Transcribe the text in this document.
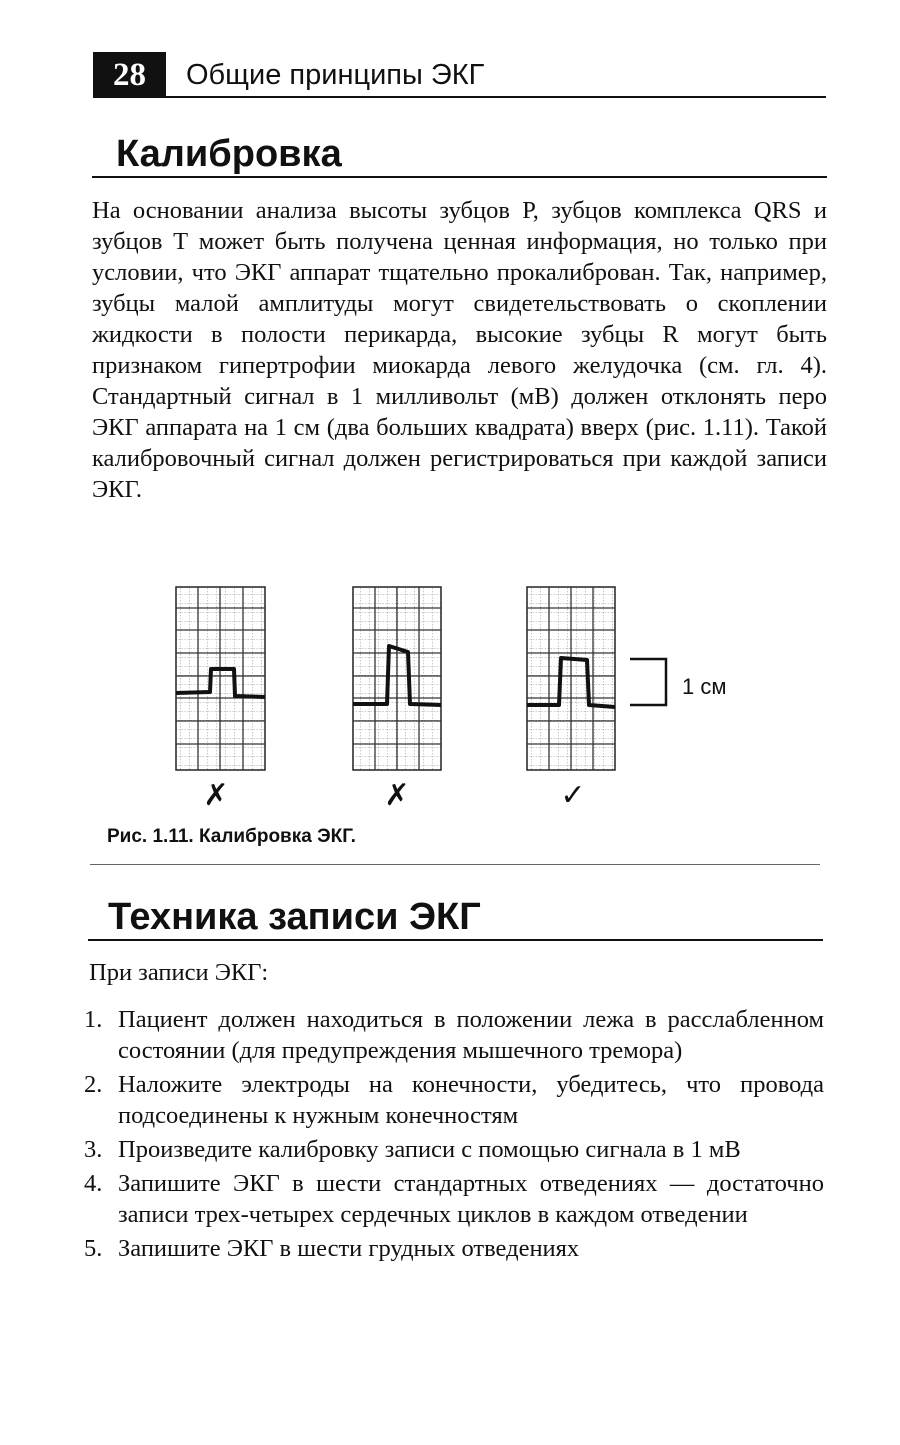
28	Общие принципы ЭКГ
Калибровка

На основании анализа высоты зубцов Р, зубцов комплекса QRS и зубцов Т может быть получена ценная информация, но только при условии, что ЭКГ аппарат тщательно прокалиброван. Так, например, зубцы малой амплитуды могут свидетельствовать о скоплении жидкости в полости перикарда, высокие зубцы R могут быть признаком гипертрофии миокарда левого желудочка (см. гл. 4). Стандартный сигнал в 1 милливольт (мВ) должен отклонять перо ЭКГ аппарата на 1 см (два больших квадрата) вверх (рис. 1.11). Такой калибровочный сигнал должен регистрироваться при каждой записи ЭКГ.

1 см
✗	✗	✓
Рис. 1.11. Калибровка ЭКГ.
Техника записи ЭКГ

При записи ЭКГ:

1. Пациент должен находиться в положении лежа в расслабленном состоянии (для предупреждения мышечного тремора)
2. Наложите электроды на конечности, убедитесь, что провода подсоединены к нужным конечностям
3. Произведите калибровку записи с помощью сигнала в 1 мВ
4. Запишите ЭКГ в шести стандартных отведениях — достаточно записи трех-четырех сердечных циклов в каждом отведении
5. Запишите ЭКГ в шести грудных отведениях
